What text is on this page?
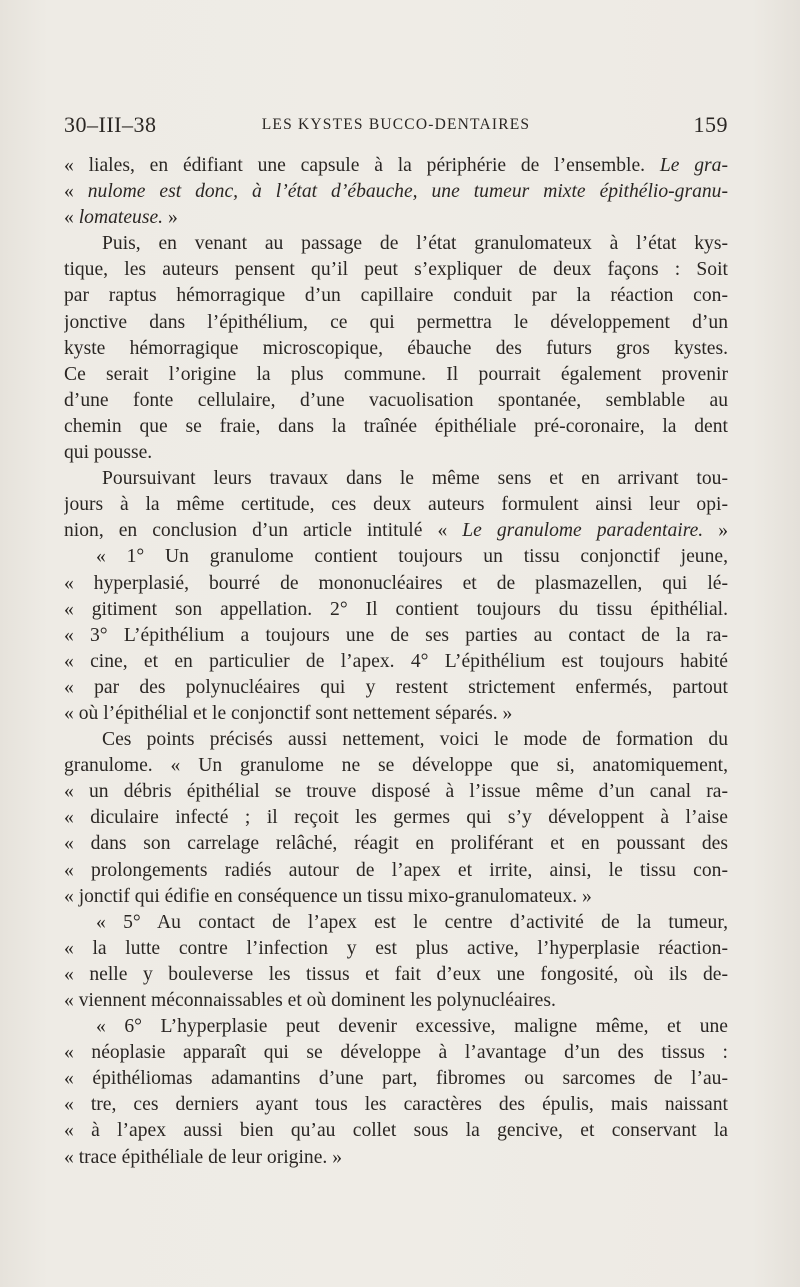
30–III–38	LES KYSTES BUCCO-DENTAIRES	159
« liales, en édifiant une capsule à la périphérie de l’ensemble. Le gra-
« nulome est donc, à l’état d’ébauche, une tumeur mixte épithélio-granu-
« lomateuse. »
Puis, en venant au passage de l’état granulomateux à l’état kys-
tique, les auteurs pensent qu’il peut s’expliquer de deux façons : Soit
par raptus hémorragique d’un capillaire conduit par la réaction con-
jonctive dans l’épithélium, ce qui permettra le développement d’un
kyste hémorragique microscopique, ébauche des futurs gros kystes.
Ce serait l’origine la plus commune. Il pourrait également provenir
d’une fonte cellulaire, d’une vacuolisation spontanée, semblable au
chemin que se fraie, dans la traînée épithéliale pré-coronaire, la dent
qui pousse.
Poursuivant leurs travaux dans le même sens et en arrivant tou-
jours à la même certitude, ces deux auteurs formulent ainsi leur opi-
nion, en conclusion d’un article intitulé « Le granulome paradentaire. »
« 1° Un granulome contient toujours un tissu conjonctif jeune,
« hyperplasié, bourré de mononucléaires et de plasmazellen, qui lé-
« gitiment son appellation. 2° Il contient toujours du tissu épithélial.
« 3° L’épithélium a toujours une de ses parties au contact de la ra-
« cine, et en particulier de l’apex. 4° L’épithélium est toujours habité
« par des polynucléaires qui y restent strictement enfermés, partout
« où l’épithélial et le conjonctif sont nettement séparés. »
Ces points précisés aussi nettement, voici le mode de formation du
granulome. « Un granulome ne se développe que si, anatomiquement,
« un débris épithélial se trouve disposé à l’issue même d’un canal ra-
« diculaire infecté ; il reçoit les germes qui s’y développent à l’aise
« dans son carrelage relâché, réagit en proliférant et en poussant des
« prolongements radiés autour de l’apex et irrite, ainsi, le tissu con-
« jonctif qui édifie en conséquence un tissu mixo-granulomateux. »
« 5° Au contact de l’apex est le centre d’activité de la tumeur,
« la lutte contre l’infection y est plus active, l’hyperplasie réaction-
« nelle y bouleverse les tissus et fait d’eux une fongosité, où ils de-
« viennent méconnaissables et où dominent les polynucléaires.
« 6° L’hyperplasie peut devenir excessive, maligne même, et une
« néoplasie apparaît qui se développe à l’avantage d’un des tissus :
« épithéliomas adamantins d’une part, fibromes ou sarcomes de l’au-
« tre, ces derniers ayant tous les caractères des épulis, mais naissant
« à l’apex aussi bien qu’au collet sous la gencive, et conservant la
« trace épithéliale de leur origine. »
